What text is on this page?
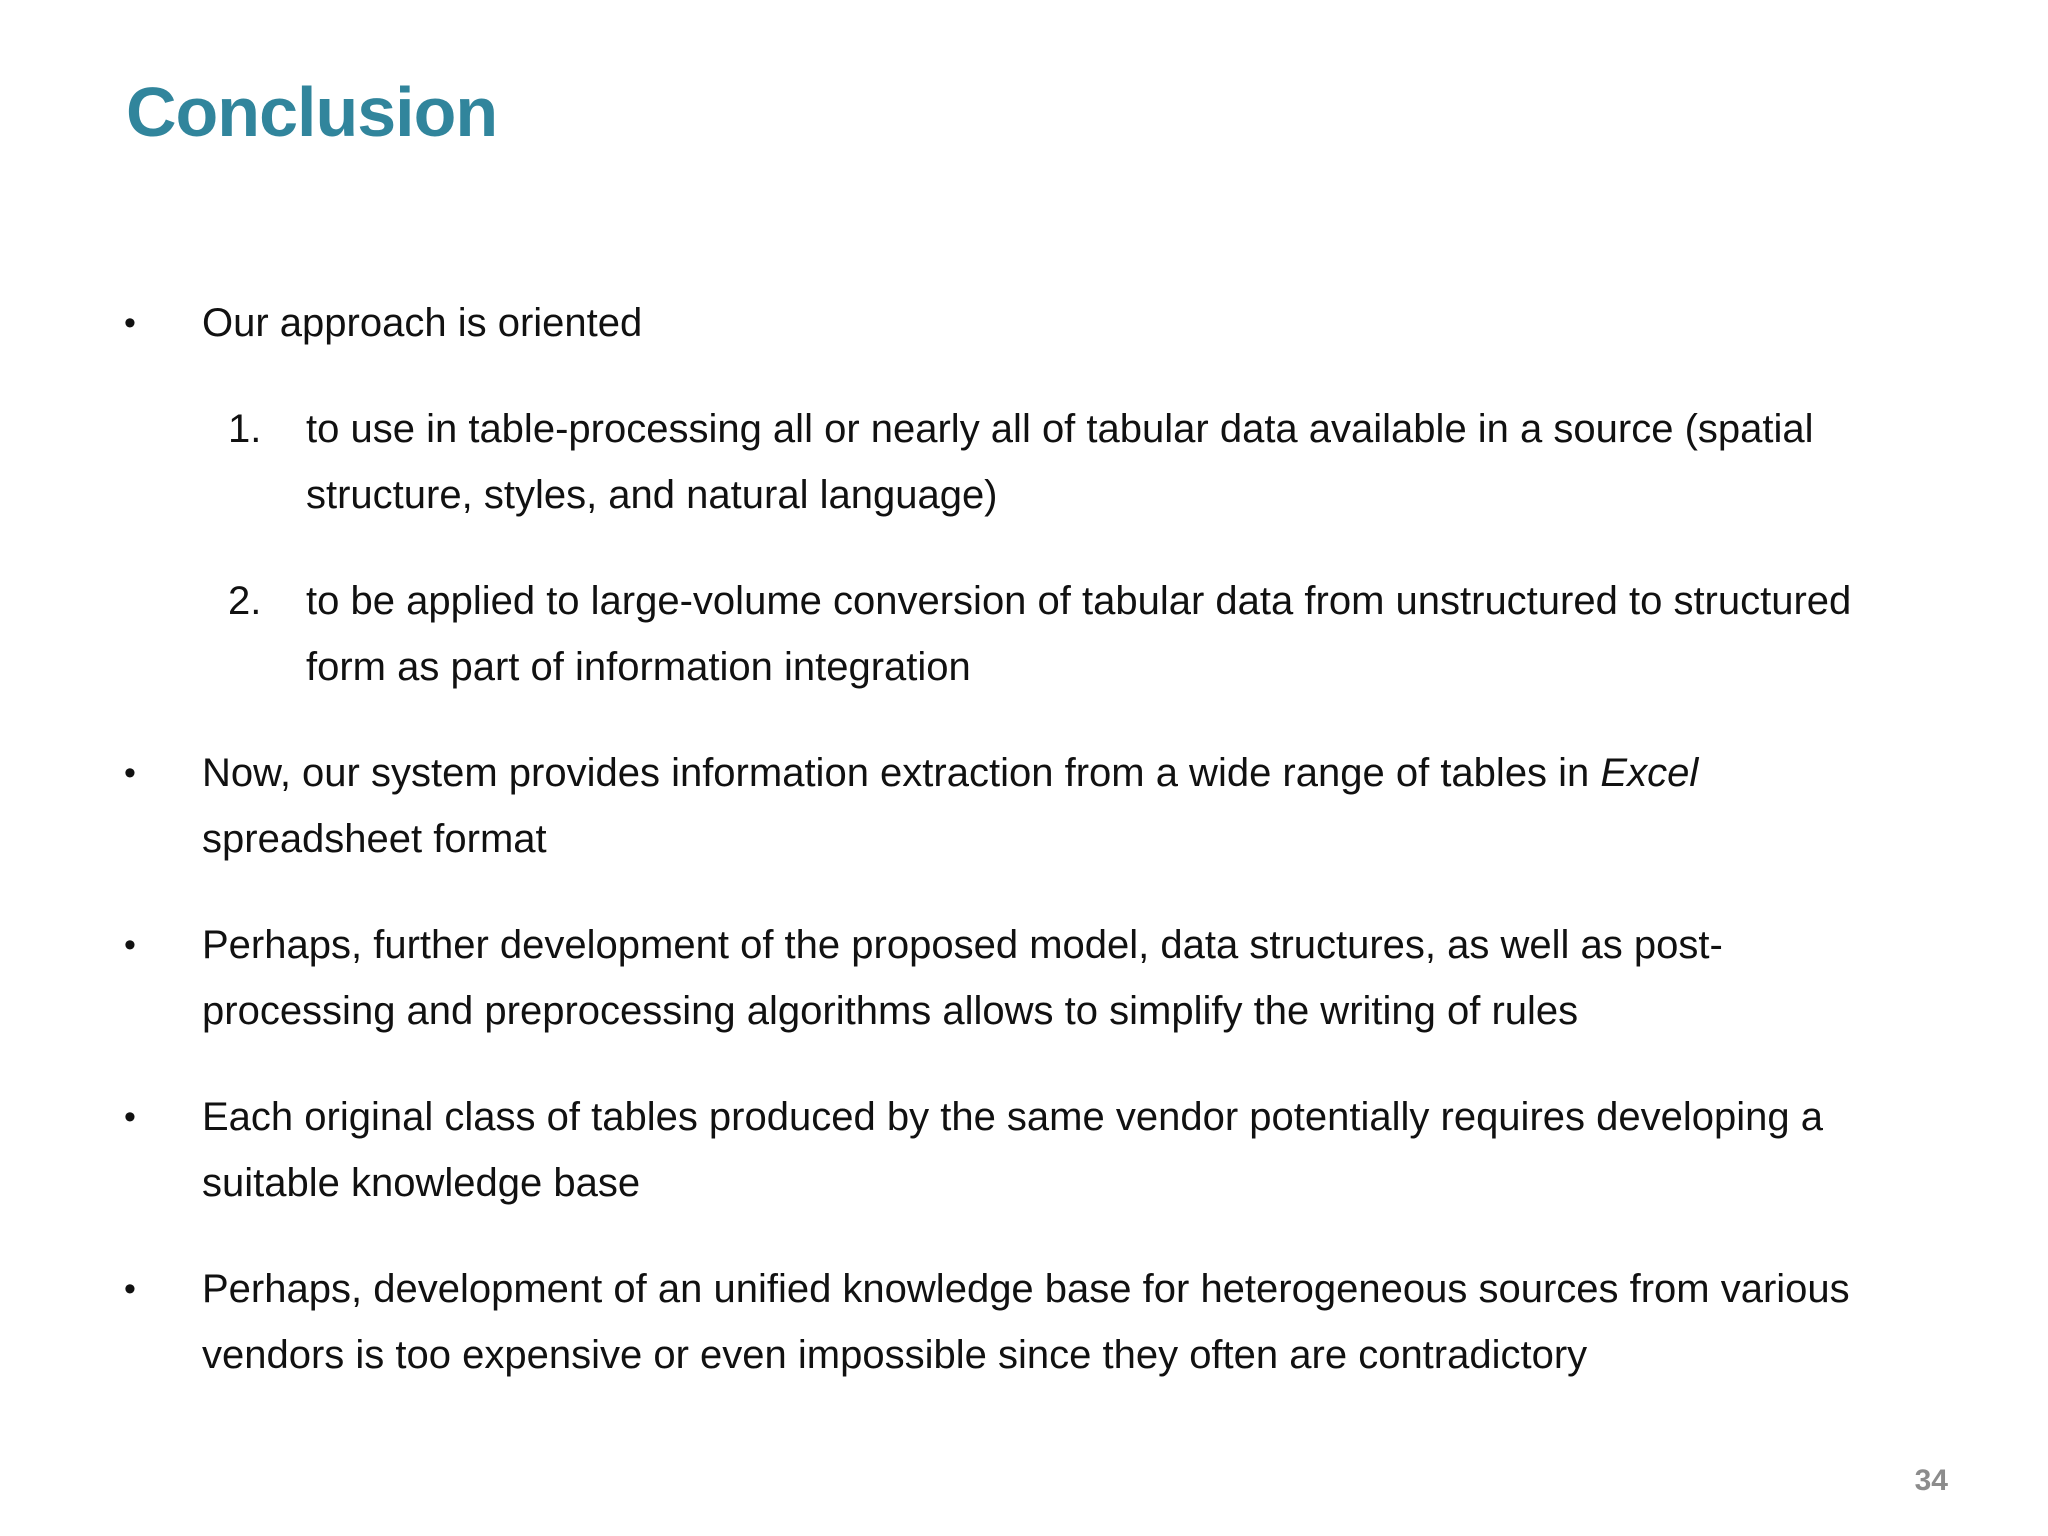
Conclusion
• Our approach is oriented
1. to use in table-processing all or nearly all of tabular data available in a source (spatial structure, styles, and natural language)
2. to be applied to large-volume conversion of tabular data from unstructured to structured form as part of information integration
• Now, our system provides information extraction from a wide range of tables in Excel spreadsheet format
• Perhaps, further development of the proposed model, data structures, as well as post-processing and preprocessing algorithms allows to simplify the writing of rules
• Each original class of tables produced by the same vendor potentially requires developing a suitable knowledge base
• Perhaps, development of an unified knowledge base for heterogeneous sources from various vendors is too expensive or even impossible since they often are contradictory
34
